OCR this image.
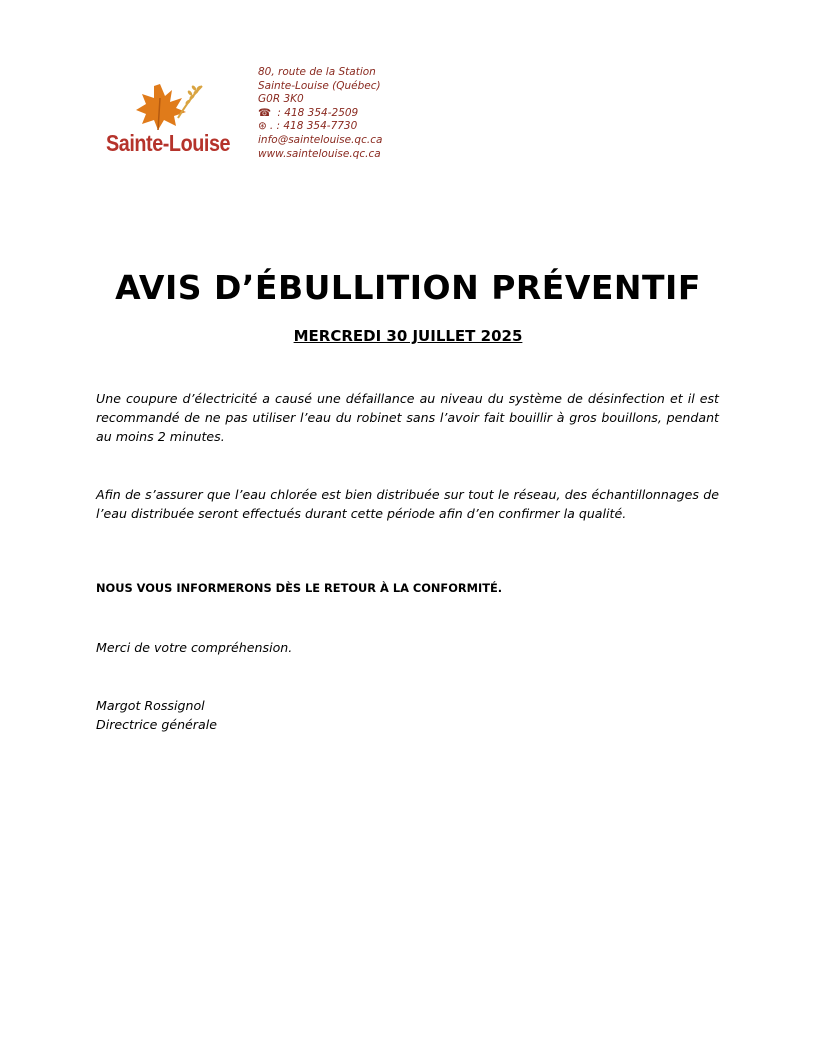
Sainte-Louise
80, route de la Station
Sainte-Louise (Québec)
G0R 3K0
☎ : 418 354-2509
⊛ . : 418 354-7730
info@saintelouise.qc.ca
www.saintelouise.qc.ca
AVIS D’ÉBULLITION PRÉVENTIF
MERCREDI 30 JUILLET 2025
Une coupure d’électricité a causé une défaillance au niveau du système de désinfection et il est recommandé de ne pas utiliser l’eau du robinet sans l’avoir fait bouillir à gros bouillons, pendant au moins 2 minutes.
Afin de s’assurer que l’eau chlorée est bien distribuée sur tout le réseau, des échantillonnages de l’eau distribuée seront effectués durant cette période afin d’en confirmer la qualité.
NOUS VOUS INFORMERONS DÈS LE RETOUR À LA CONFORMITÉ.
Merci de votre compréhension.
Margot Rossignol
Directrice générale
